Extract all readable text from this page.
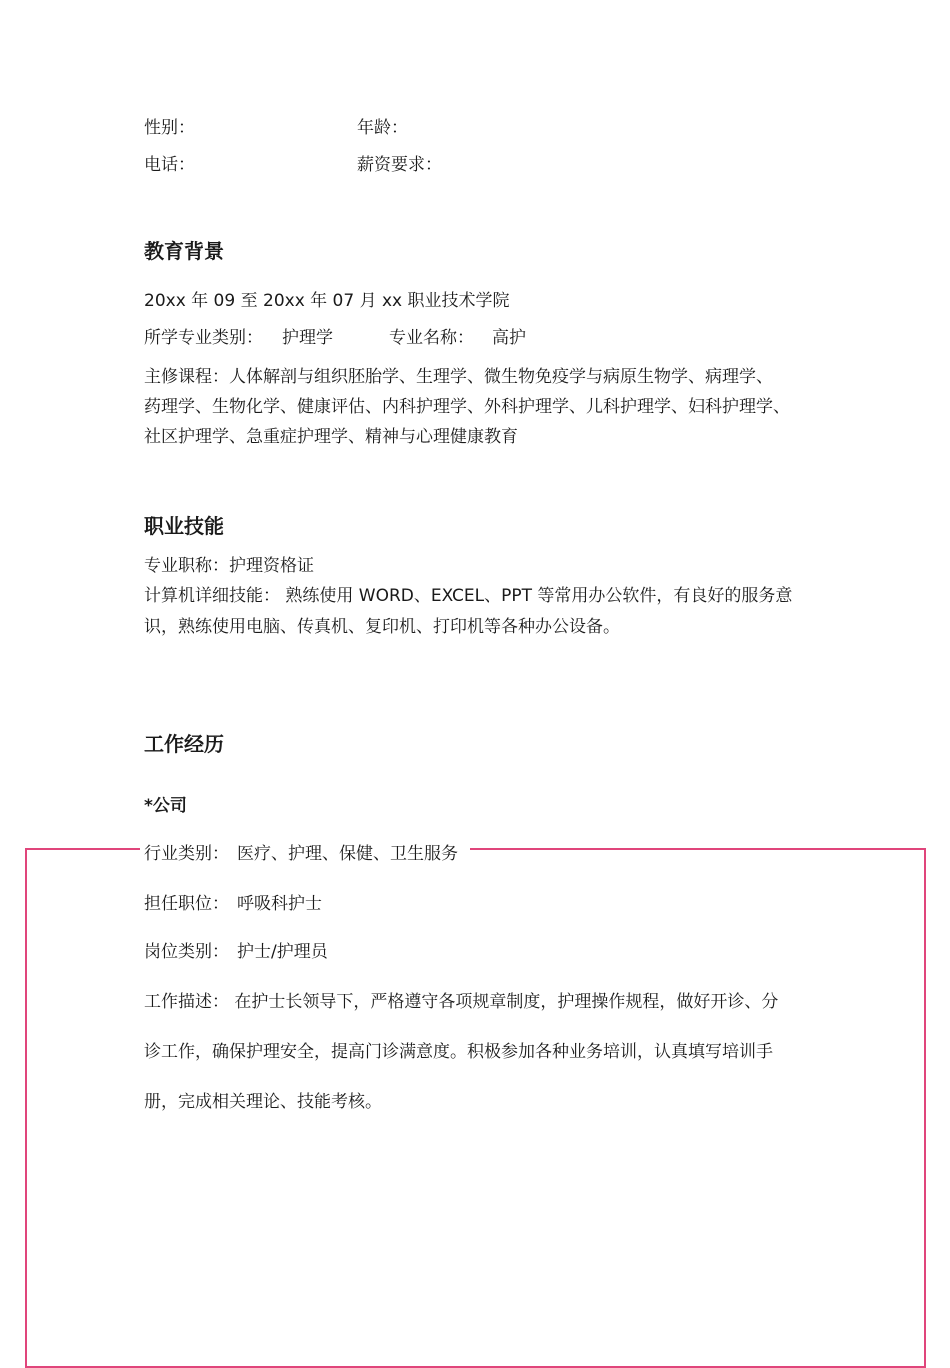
性别：	年龄：
电话：	薪资要求：
教育背景
20xx 年 09 至 20xx 年 07 月 xx 职业技术学院
所学专业类别： 护理学	专业名称： 高护
主修课程：人体解剖与组织胚胎学、生理学、微生物免疫学与病原生物学、病理学、
药理学、生物化学、健康评估、内科护理学、外科护理学、儿科护理学、妇科护理学、
社区护理学、急重症护理学、精神与心理健康教育
职业技能
专业职称：护理资格证
计算机详细技能： 熟练使用 WORD、EXCEL、PPT 等常用办公软件，有良好的服务意
识，熟练使用电脑、传真机、复印机、打印机等各种办公设备。
工作经历
*公司
行业类别： 医疗、护理、保健、卫生服务
担任职位： 呼吸科护士
岗位类别： 护士/护理员
工作描述： 在护士长领导下，严格遵守各项规章制度，护理操作规程，做好开诊、分
诊工作，确保护理安全，提高门诊满意度。积极参加各种业务培训，认真填写培训手
册，完成相关理论、技能考核。
